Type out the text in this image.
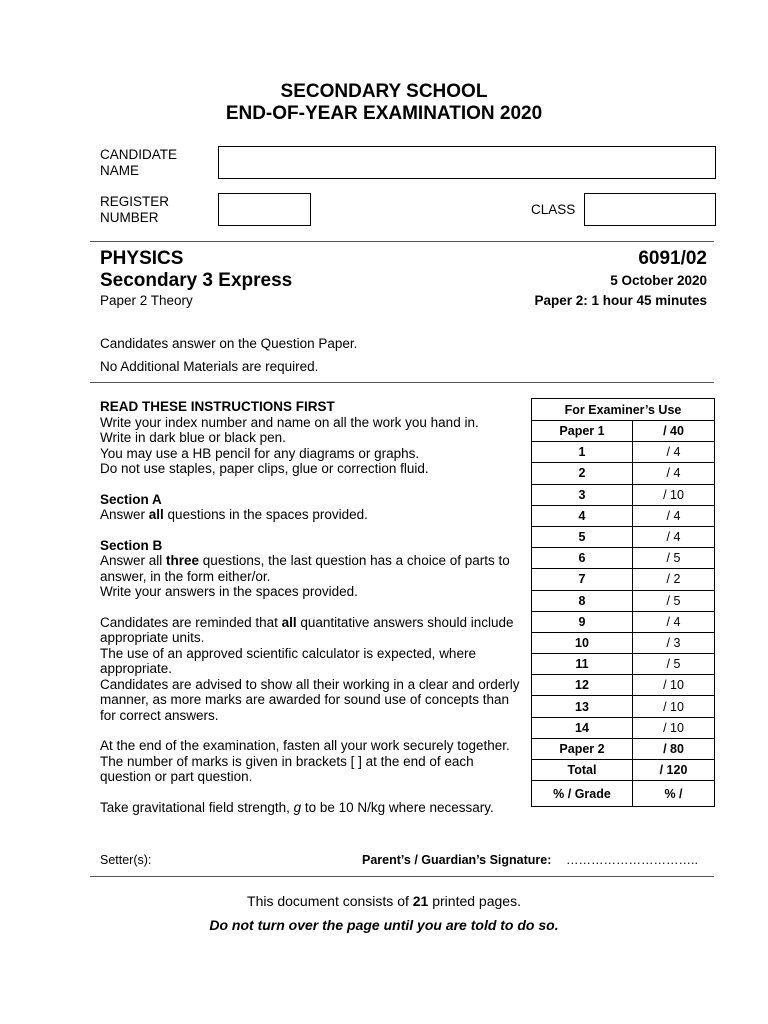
SECONDARY SCHOOL
END-OF-YEAR EXAMINATION 2020
CANDIDATE
NAME
REGISTER
NUMBER
CLASS
PHYSICS	6091/02
Secondary 3 Express	5 October 2020
Paper 2 Theory	Paper 2: 1 hour 45 minutes
Candidates answer on the Question Paper.
No Additional Materials are required.

READ THESE INSTRUCTIONS FIRST

Write your index number and name on all the work you hand in.

Write in dark blue or black pen.

You may use a HB pencil for any diagrams or graphs.

Do not use staples, paper clips, glue or correction fluid.

Section A

Answer all questions in the spaces provided.

Section B

Answer all three questions, the last question has a choice of parts to answer, in the form either/or.

Write your answers in the spaces provided.

Candidates are reminded that all quantitative answers should include appropriate units.

The use of an approved scientific calculator is expected, where appropriate.

Candidates are advised to show all their working in a clear and orderly manner, as more marks are awarded for sound use of concepts than for correct answers.

At the end of the examination, fasten all your work securely together.

The number of marks is given in brackets [ ] at the end of each question or part question.

Take gravitational field strength, g to be 10 N/kg where necessary.

For Examiner’s Use	
Paper 1	/ 40
1	/ 4
2	/ 4
3	/ 10
4	/ 4
5	/ 4
6	/ 5
7	/ 2
8	/ 5
9	/ 4
10	/ 3
11	/ 5
12	/ 10
13	/ 10
14	/ 10
Paper 2	/ 80
Total	/ 120
% / Grade	% /
Setter(s):	Parent’s / Guardian’s Signature: …………………………..
This document consists of 21 printed pages.
Do not turn over the page until you are told to do so.
